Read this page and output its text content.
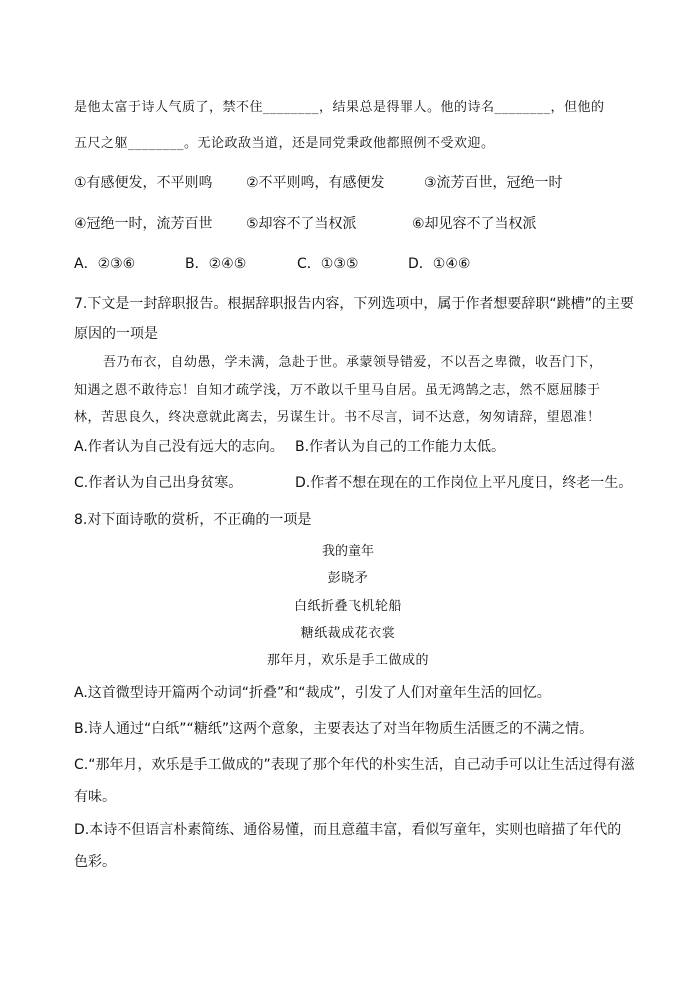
是他太富于诗人气质了，禁不住________，结果总是得罪人。他的诗名________，但他的
五尺之躯________。无论政敌当道，还是同党秉政他都照例不受欢迎。
①有感便发，不平则鸣 ②不平则鸣，有感便发	③流芳百世，冠绝一时
④冠绝一时，流芳百世 ⑤却容不了当权派	⑥却见容不了当权派
A．②③⑥	B．②④⑤	C．①③⑤	D．①④⑥
7.下文是一封辞职报告。根据辞职报告内容，下列选项中，属于作者想要辞职“跳槽”的主要
原因的一项是
吾乃布衣，自幼愚，学未满，急赴于世。承蒙领导错爱，不以吾之卑微，收吾门下，
知遇之恩不敢待忘！自知才疏学浅，万不敢以千里马自居。虽无鸿鹄之志，然不愿屈膝于
林，苦思良久，终决意就此离去，另谋生计。书不尽言，词不达意，匆匆请辞，望恩准！
A.作者认为自己没有远大的志向。 B.作者认为自己的工作能力太低。
C.作者认为自己出身贫寒。	D.作者不想在现在的工作岗位上平凡度日，终老一生。
8.对下面诗歌的赏析，不正确的一项是
我的童年
彭晓矛
白纸折叠飞机轮船
糖纸裁成花衣裳
那年月，欢乐是手工做成的
A.这首微型诗开篇两个动词“折叠”和“裁成”，引发了人们对童年生活的回忆。
B.诗人通过“白纸”“糖纸”这两个意象，主要表达了对当年物质生活匮乏的不满之情。
C.“那年月，欢乐是手工做成的”表现了那个年代的朴实生活，自己动手可以让生活过得有滋
有味。
D.本诗不但语言朴素简练、通俗易懂，而且意蕴丰富，看似写童年，实则也暗描了年代的
色彩。
